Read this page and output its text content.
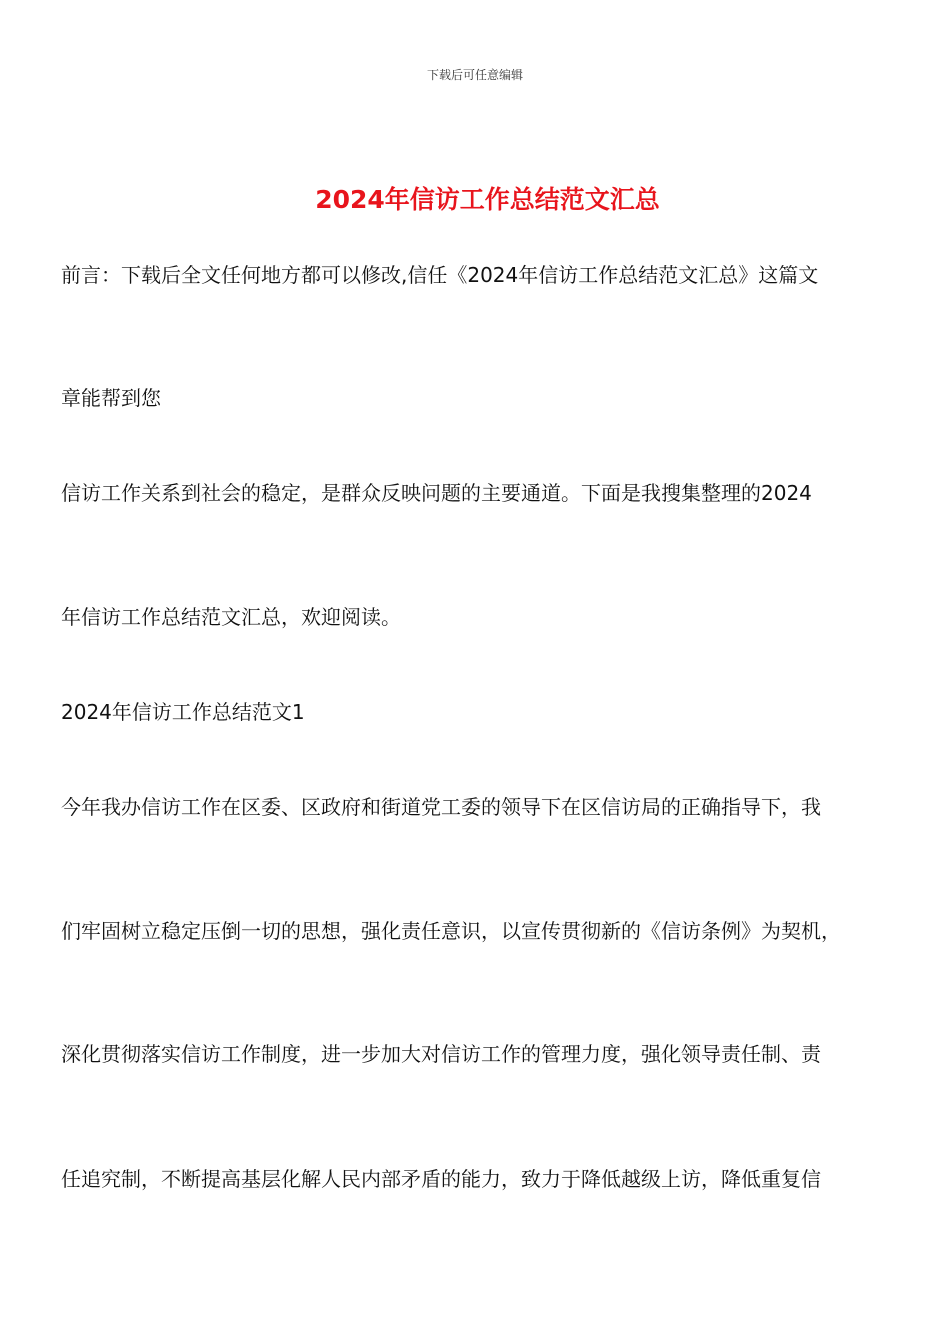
下载后可任意编辑
2024年信访工作总结范文汇总
前言：下载后全文任何地方都可以修改,信任《2024年信访工作总结范文汇总》这篇文
章能帮到您
信访工作关系到社会的稳定，是群众反映问题的主要通道。下面是我搜集整理的2024
年信访工作总结范文汇总，欢迎阅读。
2024年信访工作总结范文1
今年我办信访工作在区委、区政府和街道党工委的领导下在区信访局的正确指导下，我
们牢固树立稳定压倒一切的思想，强化责任意识，以宣传贯彻新的《信访条例》为契机，
深化贯彻落实信访工作制度，进一步加大对信访工作的管理力度，强化领导责任制、责
任追究制，不断提高基层化解人民内部矛盾的能力，致力于降低越级上访，降低重复信
